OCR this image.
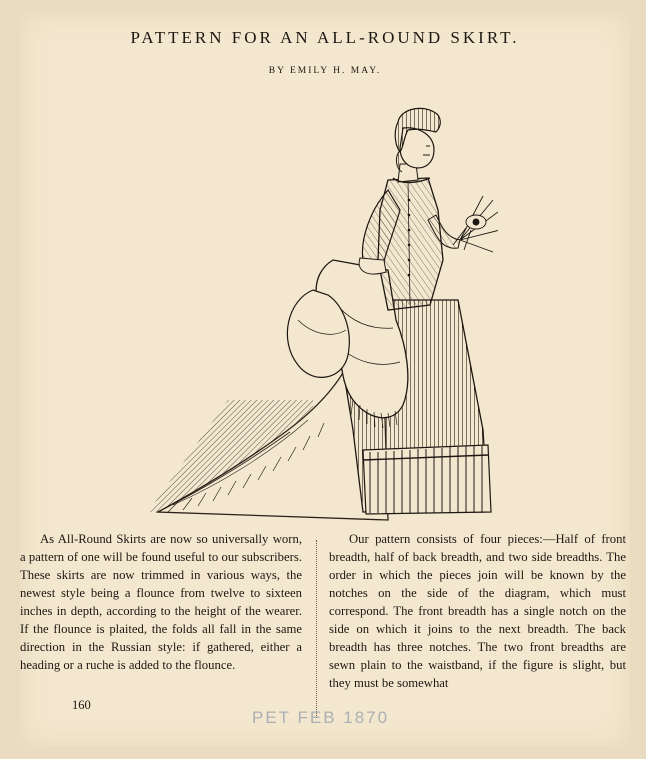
PATTERN FOR AN ALL-ROUND SKIRT.
BY EMILY H. MAY.

As All-Round Skirts are now so universally worn, a pattern of one will be found useful to our subscribers. These skirts are now trimmed in various ways, the newest style being a flounce from twelve to sixteen inches in depth, according to the height of the wearer. If the flounce is plaited, the folds all fall in the same direction in the Russian style: if gathered, either a heading or a ruche is added to the flounce.

Our pattern consists of four pieces:—Half of front breadth, half of back breadth, and two side breadths. The order in which the pieces join will be known by the notches on the side of the diagram, which must correspond. The front breadth has a single notch on the side on which it joins to the next breadth. The back breadth has three notches. The two front breadths are sewn plain to the waistband, if the figure is slight, but they must be somewhat

160
PET FEB 1870
